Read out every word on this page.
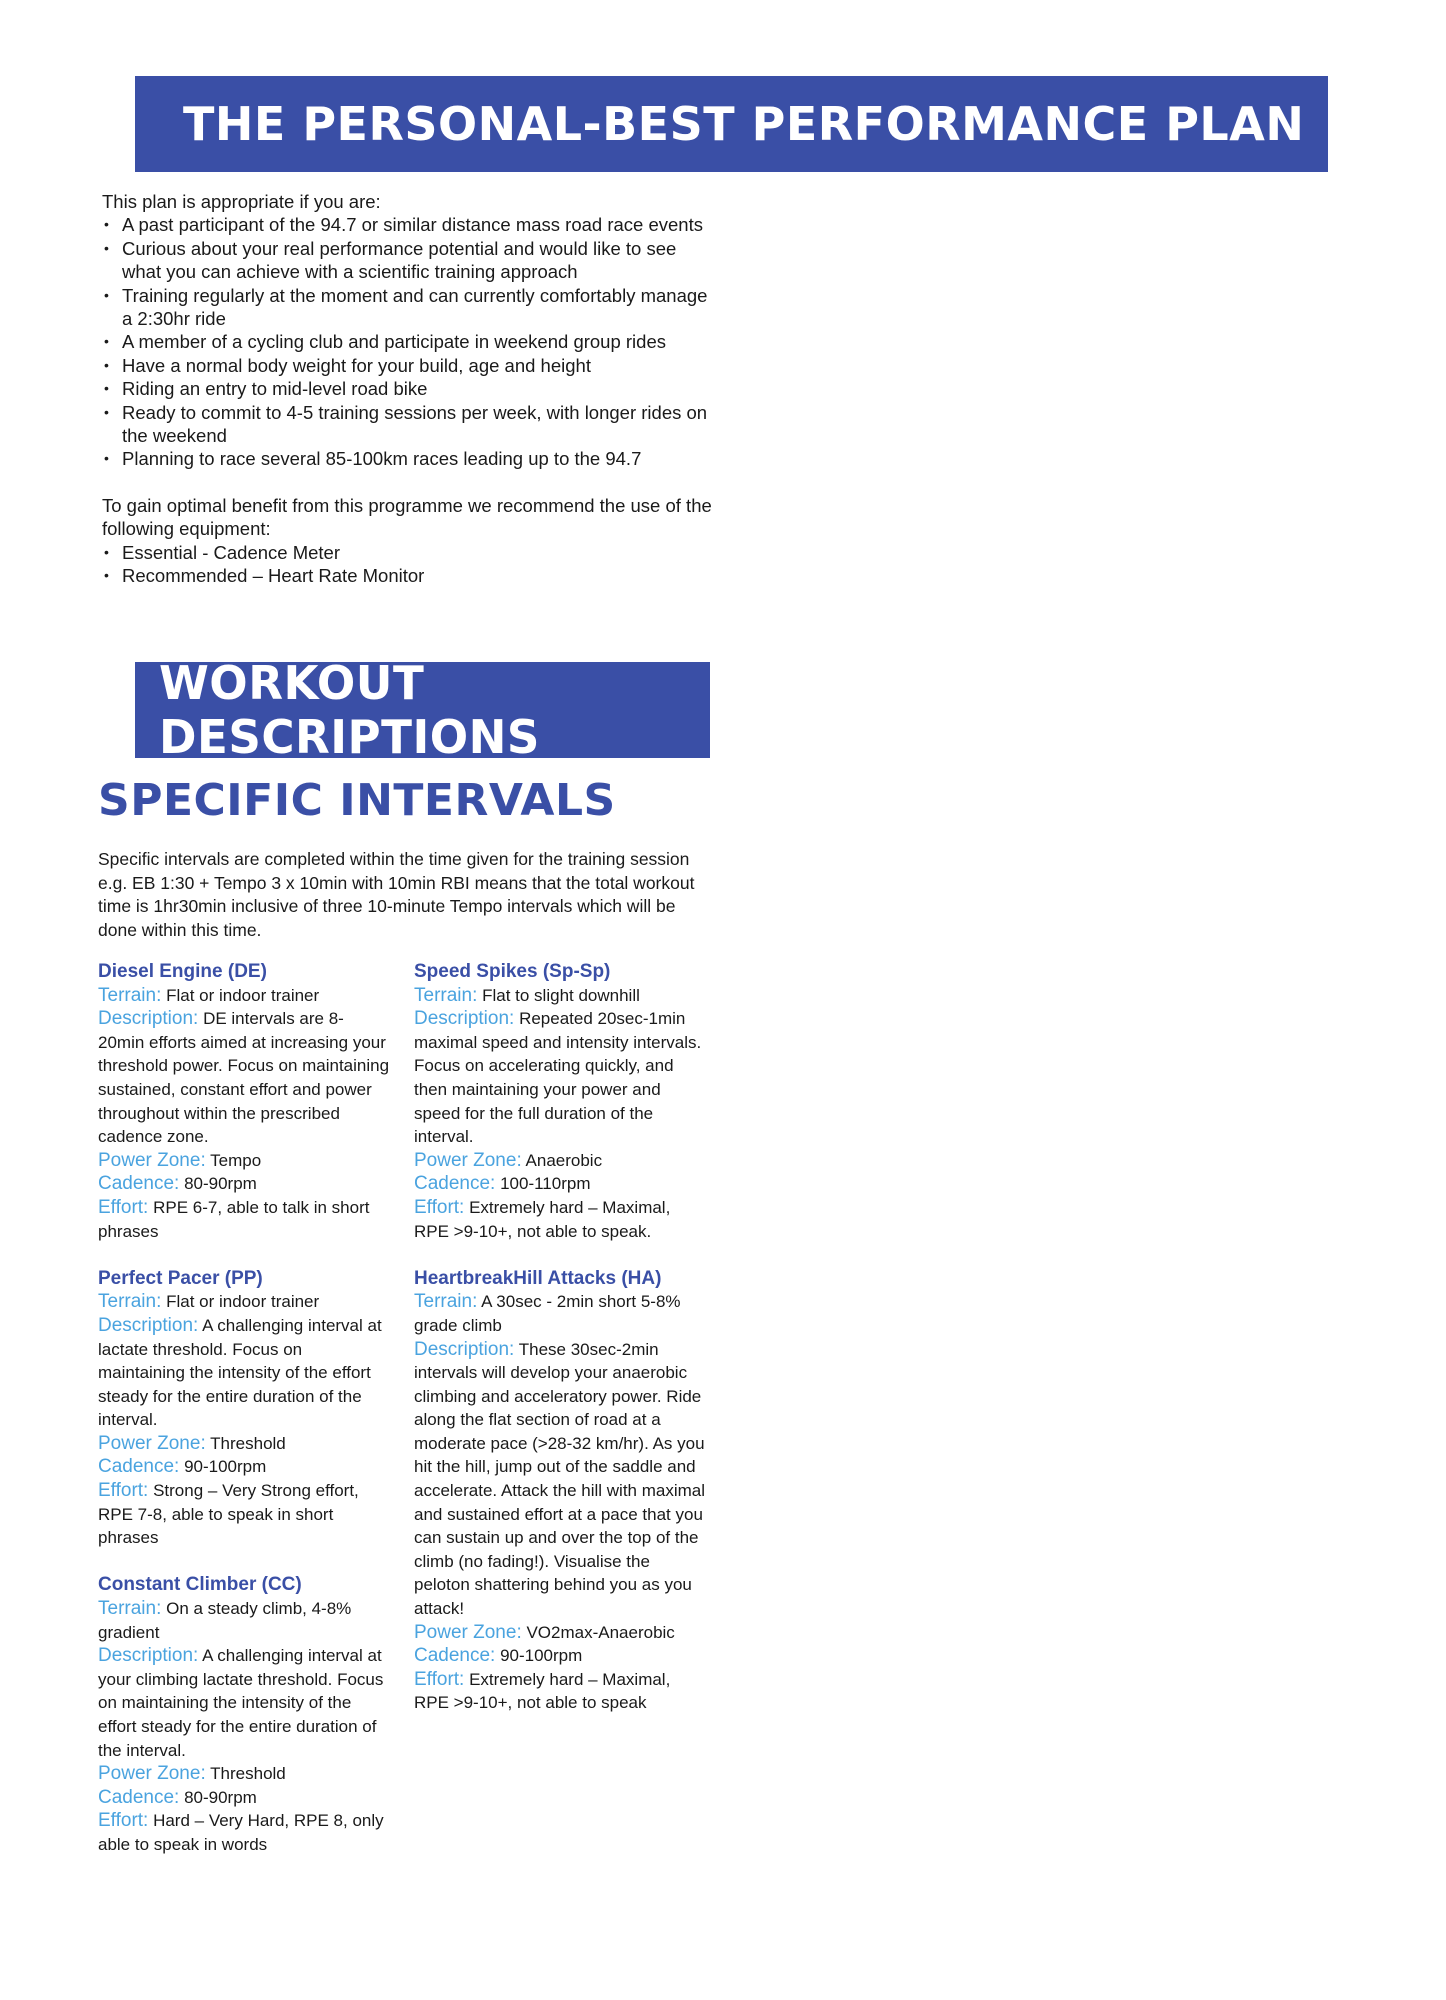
THE PERSONAL-BEST PERFORMANCE PLAN

This plan is appropriate if you are:

• A past participant of the 94.7 or similar distance mass road race events
• Curious about your real performance potential and would like to see what you can achieve with a scientific training approach
• Training regularly at the moment and can currently comfortably manage a 2:30hr ride
• A member of a cycling club and participate in weekend group rides
• Have a normal body weight for your build, age and height
• Riding an entry to mid-level road bike
• Ready to commit to 4-5 training sessions per week, with longer rides on the weekend
• Planning to race several 85-100km races leading up to the 94.7

To gain optimal benefit from this programme we recommend the use of the following equipment:

• Essential - Cadence Meter
• Recommended – Heart Rate Monitor
WORKOUT DESCRIPTIONS
SPECIFIC INTERVALS
Specific intervals are completed within the time given for the training session e.g. EB 1:30 + Tempo 3 x 10min with 10min RBI means that the total workout time is 1hr30min inclusive of three 10-minute Tempo intervals which will be done within this time.
Diesel Engine (DE)
Terrain: Flat or indoor trainer
Description: DE intervals are 8-20min efforts aimed at increasing your threshold power. Focus on maintaining sustained, constant effort and power throughout within the prescribed cadence zone.
Power Zone: Tempo
Cadence: 80-90rpm
Effort: RPE 6-7, able to talk in short phrases
Perfect Pacer (PP)
Terrain: Flat or indoor trainer
Description: A challenging interval at lactate threshold. Focus on maintaining the intensity of the effort steady for the entire duration of the interval.
Power Zone: Threshold
Cadence: 90-100rpm
Effort: Strong – Very Strong effort, RPE 7-8, able to speak in short phrases
Constant Climber (CC)
Terrain: On a steady climb, 4-8% gradient
Description: A challenging interval at your climbing lactate threshold. Focus on maintaining the intensity of the effort steady for the entire duration of the interval.
Power Zone: Threshold
Cadence: 80-90rpm
Effort: Hard – Very Hard, RPE 8, only able to speak in words
Speed Spikes (Sp-Sp)
Terrain: Flat to slight downhill
Description: Repeated 20sec-1min maximal speed and intensity intervals. Focus on accelerating quickly, and then maintaining your power and speed for the full duration of the interval.
Power Zone: Anaerobic
Cadence: 100-110rpm
Effort: Extremely hard – Maximal, RPE >9-10+, not able to speak.
HeartbreakHill Attacks (HA)
Terrain: A 30sec - 2min short 5-8% grade climb
Description: These 30sec-2min intervals will develop your anaerobic climbing and acceleratory power. Ride along the flat section of road at a moderate pace (>28-32 km/hr). As you hit the hill, jump out of the saddle and accelerate. Attack the hill with maximal and sustained effort at a pace that you can sustain up and over the top of the climb (no fading!). Visualise the peloton shattering behind you as you attack!
Power Zone: VO2max-Anaerobic
Cadence: 90-100rpm
Effort: Extremely hard – Maximal, RPE >9-10+, not able to speak
